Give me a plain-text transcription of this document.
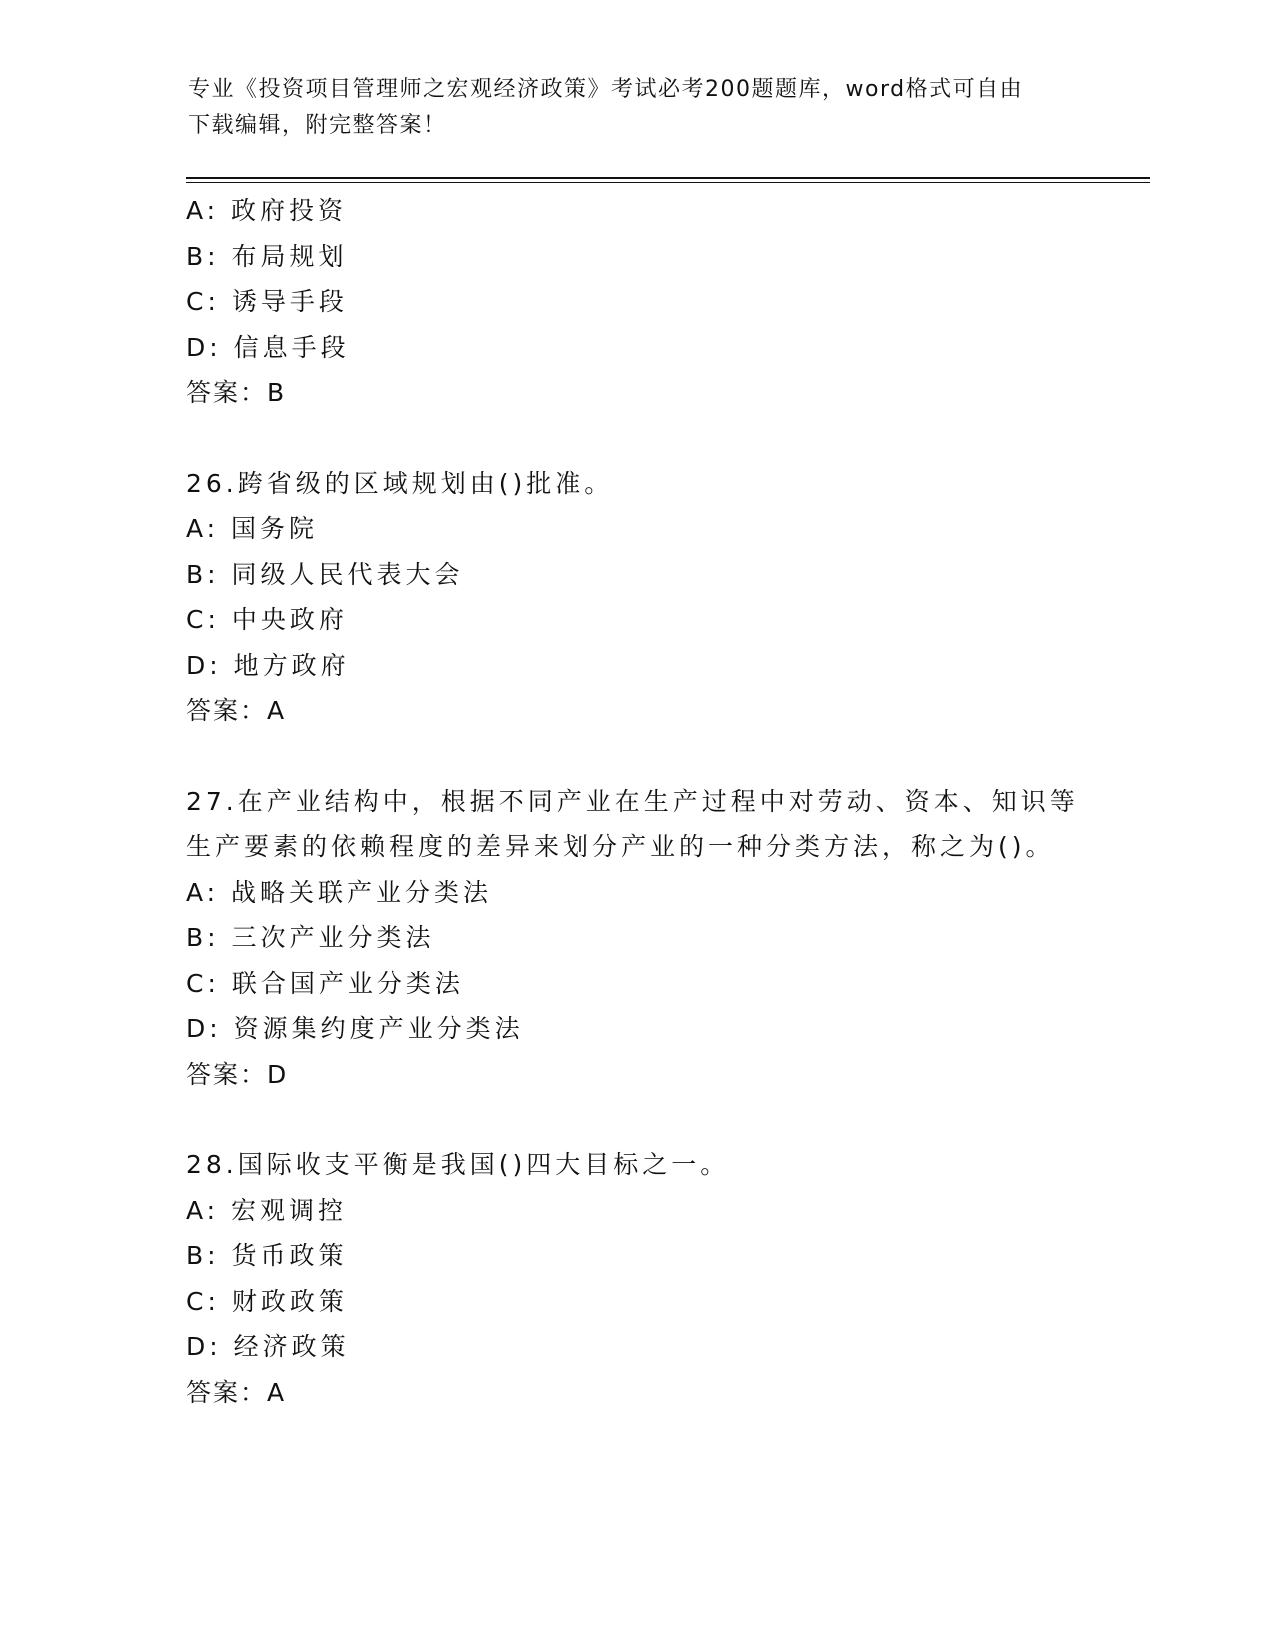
专业《投资项目管理师之宏观经济政策》考试必考200题题库，word格式可自由
下载编辑，附完整答案！
A: 政府投资
B: 布局规划
C: 诱导手段
D: 信息手段
答案：B
26.跨省级的区域规划由()批准。
A: 国务院
B: 同级人民代表大会
C: 中央政府
D: 地方政府
答案：A
27.在产业结构中，根据不同产业在生产过程中对劳动、资本、知识等
生产要素的依赖程度的差异来划分产业的一种分类方法，称之为()。
A: 战略关联产业分类法
B: 三次产业分类法
C: 联合国产业分类法
D: 资源集约度产业分类法
答案：D
28.国际收支平衡是我国()四大目标之一。
A: 宏观调控
B: 货币政策
C: 财政政策
D: 经济政策
答案：A
